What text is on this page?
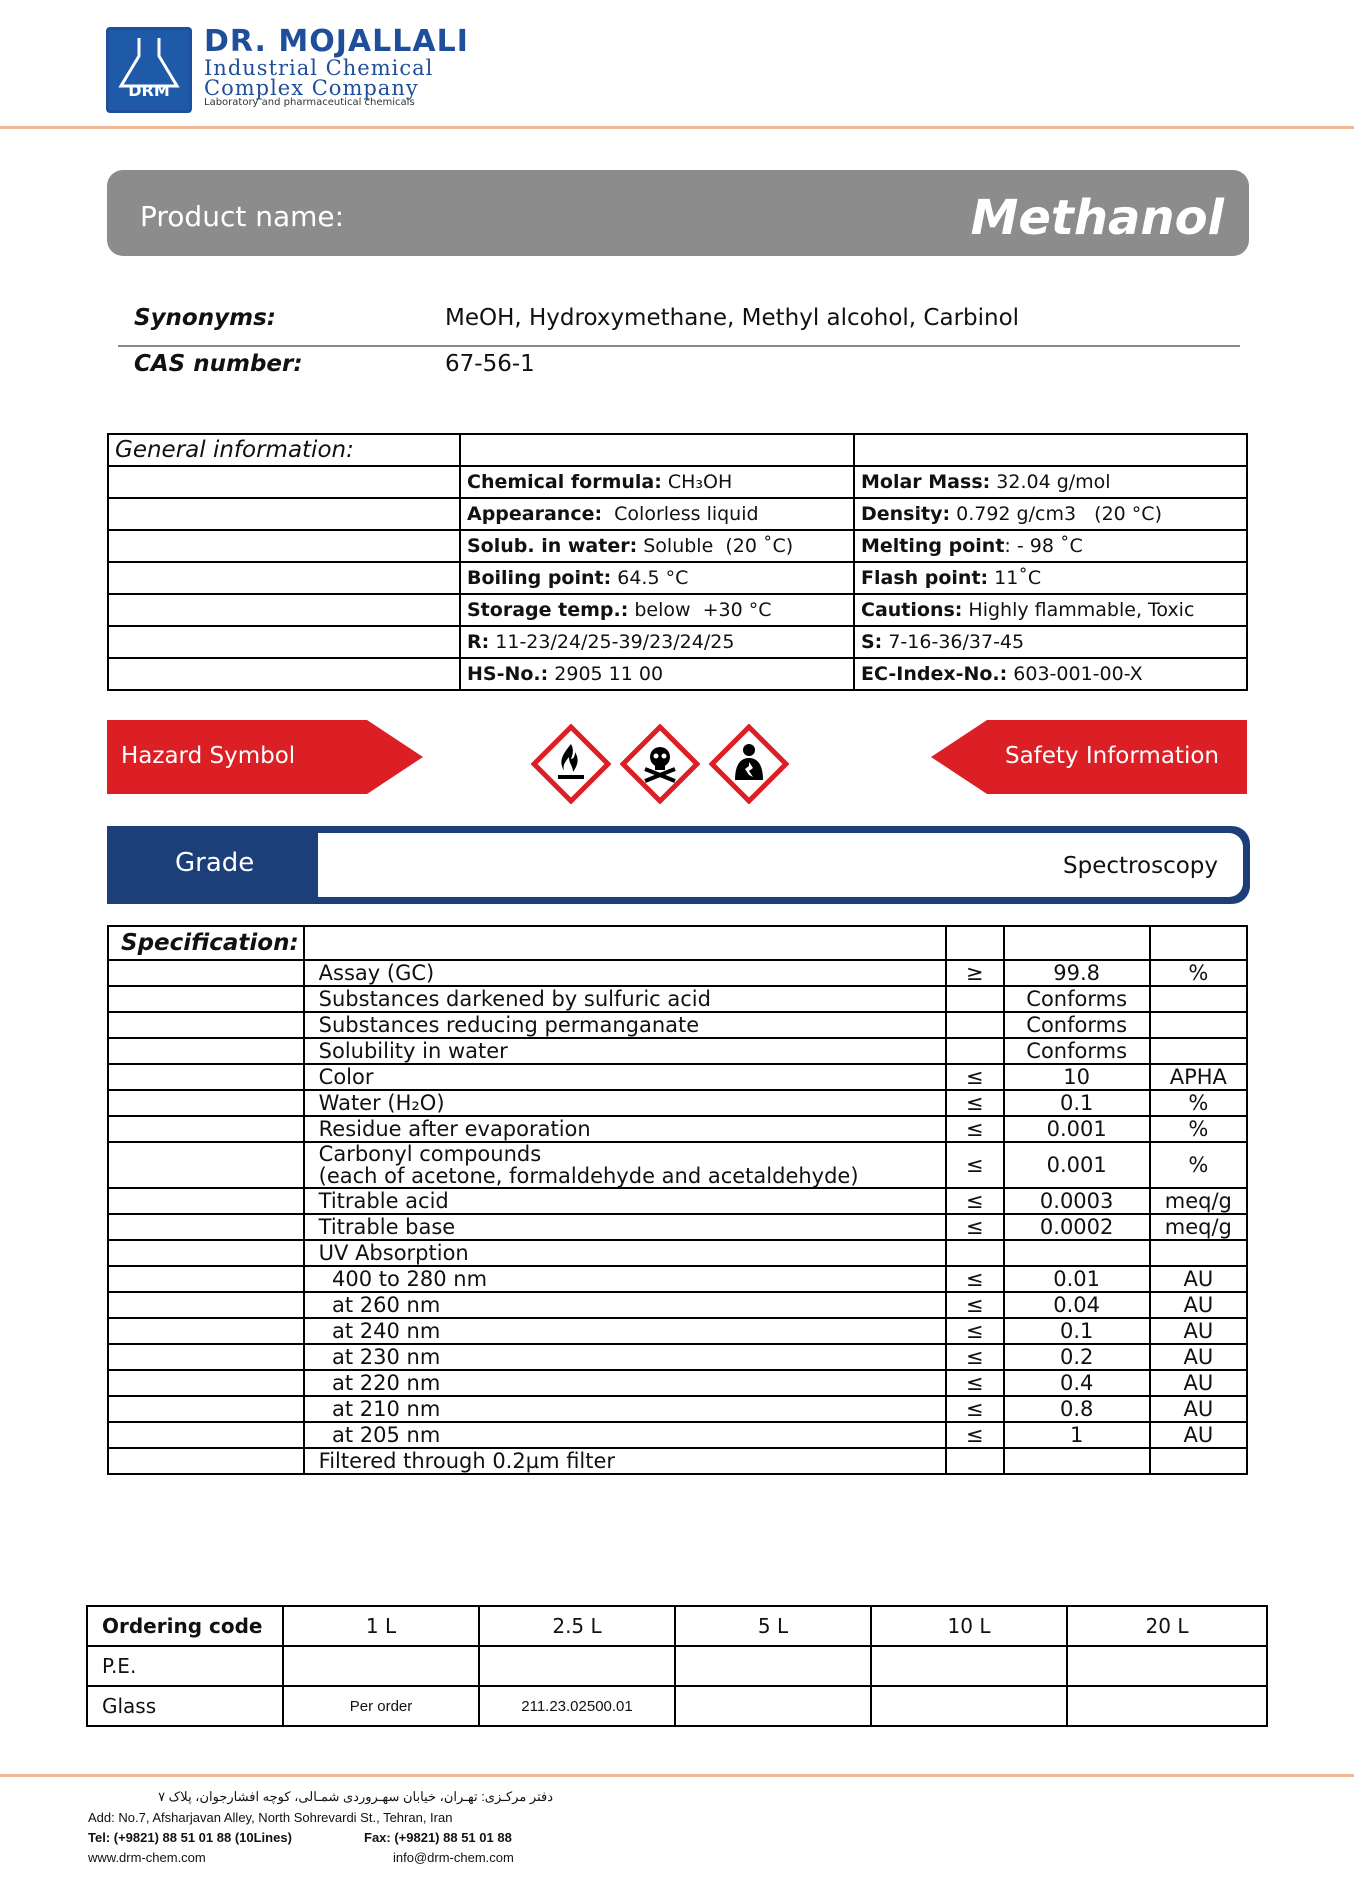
DRM
DR. MOJALLALI
Industrial Chemical
Complex Company
Laboratory and pharmaceutical chemicals
Product name:	Methanol
Synonyms:	MeOH, Hydroxymethane, Methyl alcohol, Carbinol
CAS number:	67-56-1
General information:		
	Chemical formula: CH₃OH	Molar Mass: 32.04 g/mol
	Appearance:  Colorless liquid	Density: 0.792 g/cm3   (20 °C)
	Solub. in water: Soluble  (20 ˚C)	Melting point: - 98 ˚C
	Boiling point: 64.5 °C	Flash point: 11˚C
	Storage temp.: below  +30 °C	Cautions: Highly flammable, Toxic
	R: 11-23/24/25-39/23/24/25	S: 7-16-36/37-45
	HS-No.: 2905 11 00	EC-Index-No.: 603-001-00-X
Hazard Symbol	Safety Information
Grade	Spectroscopy
Specification:				

	Assay (GC)	≥	99.8	%

	Substances darkened by sulfuric acid		Conforms	

	Substances reducing permanganate		Conforms	

	Solubility in water		Conforms	

	Color	≤	10	APHA

	Water (H₂O)	≤	0.1	%

	Residue after evaporation	≤	0.001	%

	Carbonyl compounds
(each of acetone, formaldehyde and acetaldehyde)	≤	0.001	%

	Titrable acid	≤	0.0003	meq/g

	Titrable base	≤	0.0002	meq/g

	UV Absorption			

	400 to 280 nm	≤	0.01	AU

	at 260 nm	≤	0.04	AU

	at 240 nm	≤	0.1	AU

	at 230 nm	≤	0.2	AU

	at 220 nm	≤	0.4	AU

	at 210 nm	≤	0.8	AU

	at 205 nm	≤	1	AU

	Filtered through 0.2µm filter			

Ordering code	1 L	2.5 L	5 L	10 L	20 L
P.E.					
Glass	Per order	211.23.02500.01			
دفتر مرکـزی: تهـران، خیابان سهـروردی شمـالی، کوچه افشارجوان، پلاک ۷
Add: No.7, Afsharjavan Alley, North Sohrevardi St., Tehran, Iran
Tel: (+9821) 88 51 01 88 (10Lines)	Fax: (+9821) 88 51 01 88
www.drm-chem.com	info@drm-chem.com
